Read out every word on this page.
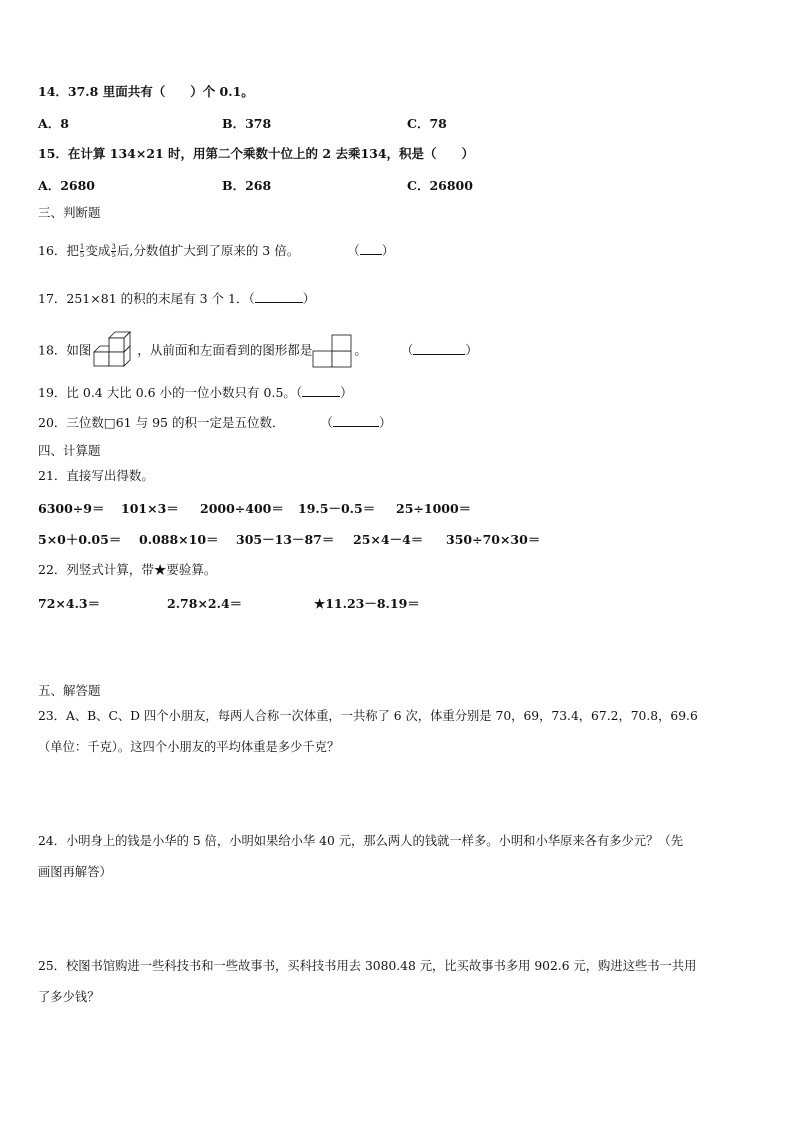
14．37.8 里面共有（　　）个 0.1。
A．8	B．378	C．78
15．在计算 134×21 时，用第二个乘数十位上的 2 去乘134，积是（　　）
A．2680	B．268	C．26800
三、判断题
16．把 $\frac{1}{5}$ 变成 $\frac{3}{5}$ 后,分数值扩大到了原来的 3 倍。	（ ）
17．251×81 的积的末尾有 3 个 1．（	）
18．如图	，从前面和左面看到的图形都是	。	（	）
19．比 0.4 大比 0.6 小的一位小数只有 0.5。（	）
20．三位数□61 与 95 的积一定是五位数．	（	）
四、计算题
21．直接写出得数。
6300÷9＝ 101×3＝ 2000÷400＝ 19.5－0.5＝ 25÷1000＝
5×0＋0.05＝ 0.088×10＝ 305－13－87＝ 25×4－4＝ 350÷70×30＝
22．列竖式计算，带★要验算。
72×4.3＝	2.78×2.4＝	★11.23－8.19＝
五、解答题
23．A、B、C、D 四个小朋友，每两人合称一次体重，一共称了 6 次，体重分别是 70，69，73.4，67.2，70.8，69.6
（单位：千克）。这四个小朋友的平均体重是多少千克？
24．小明身上的钱是小华的 5 倍，小明如果给小华 40 元，那么两人的钱就一样多。小明和小华原来各有多少元？（先
画图再解答）
25．校图书馆购进一些科技书和一些故事书，买科技书用去 3080.48 元，比买故事书多用 902.6 元，购进这些书一共用
了多少钱？
